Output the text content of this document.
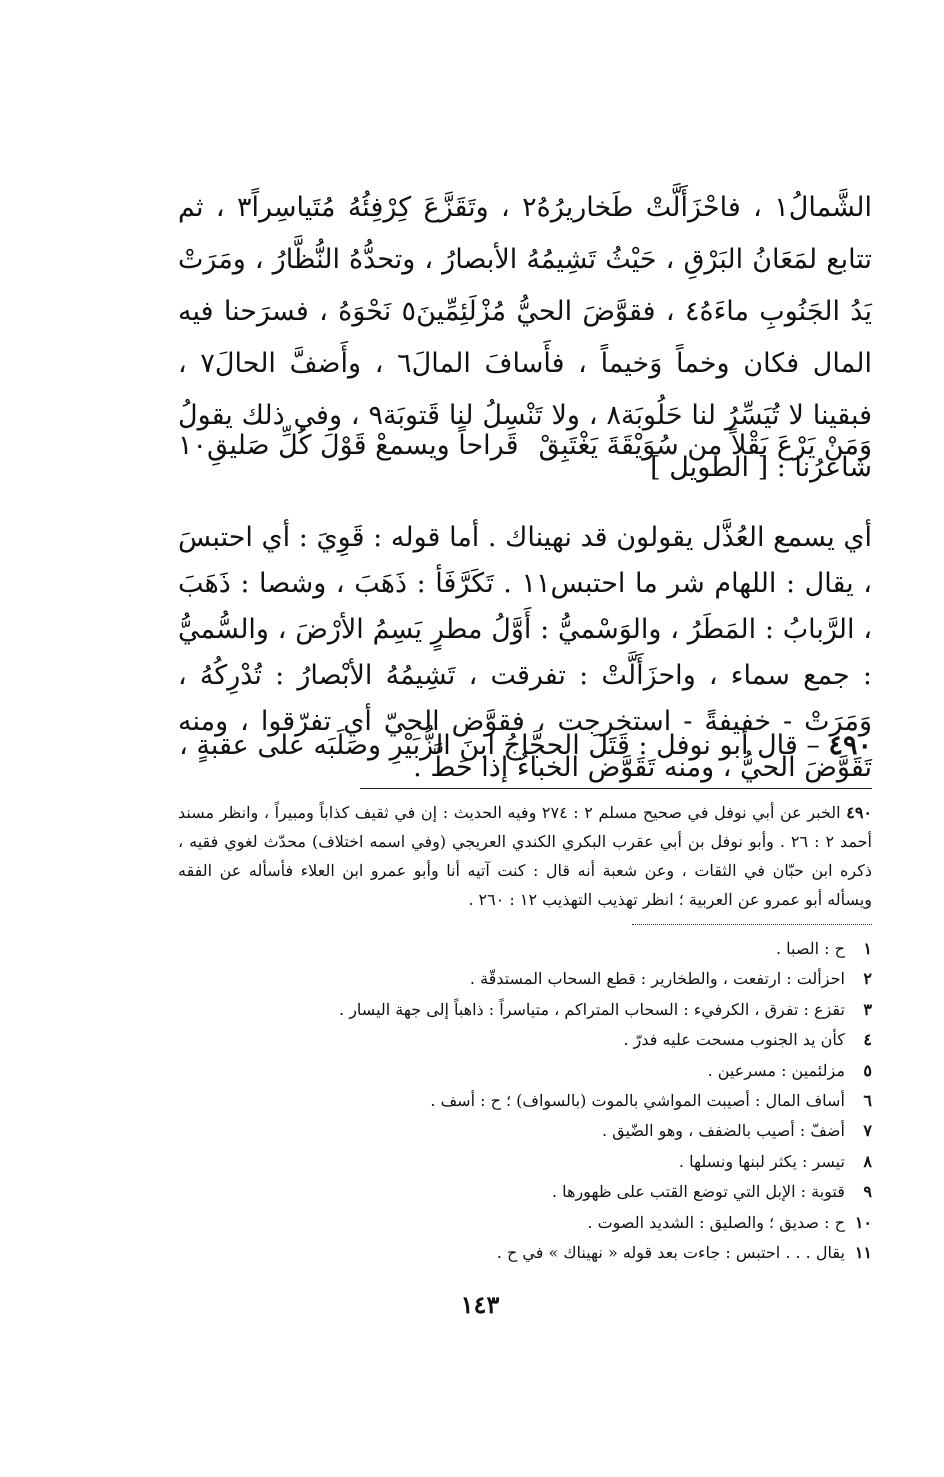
الشَّمالُ١ ، فاحْزَأَلَّتْ طَخاريرُهُ٢ ، وتَقَزَّعَ كِرْفِئُهُ مُتَياسِراً٣ ، ثم تتابع لمَعَانُ البَرْقِ ، حَيْثُ تَشِيمُهُ الأبصارُ ، وتحدُّهُ النُّظَّارُ ، ومَرَتْ يَدُ الجَنُوبِ ماءَهُ٤ ، فقوَّضَ الحيُّ مُزْلَئِمِّينَ٥ نَحْوَهُ ، فسرَحنا فيه المال فكان وخماً وَخيماً ، فأَسافَ المالَ٦ ، وأَضفَّ الحالَ٧ ، فبقينا لا تُيَسِّرُ لنا حَلُوبَة٨ ، ولا تَنْسِلُ لنا قَتوبَة٩ ، وفي ذلك يقولُ شاعرُنا : [ الطويل ]

وَمَنْ يَرْعَ بَقْلاً من سُوَيْقَةَ يَغْتَبِقْ
قَراحاً ويسمعْ قَوْلَ كُلِّ صَليقِ١٠

أي يسمع العُذَّل يقولون قد نهيناك . أما قوله : قَوِيَ : أي احتبسَ ، يقال : اللهام شر ما احتبس١١ . تَكَرَّفَأ : ذَهَبَ ، وشصا : ذَهَبَ ، الرَّبابُ : المَطَرُ ، والوَسْميُّ : أَوَّلُ مطرٍ يَسِمُ الأرْضَ ، والسُّميُّ : جمع سماء ، واحزَأَلَّتْ : تفرقت ، تَشِيمُهُ الأبْصارُ : تُدْرِكُهُ ، وَمَرَتْ - خفيفةً - استخرجت ، فقوَّض الحيّ أي تفرّقوا ، ومنه تَقَوَّضَ الحيُّ ، ومنه تَقَوَّض الخباءُ إذا حَطَّ .

٤٩٠ – قال أبو نوفل : قَتَلَ الحجَّاجُ ابنَ الزُّبَيْرِ وصَلَبَه على عقبةٍ ،
٤٩٠ الخبر عن أبي نوفل في صحيح مسلم ٢ : ٢٧٤ وفيه الحديث : إن في ثقيف كذاباً ومبيراً ، وانظر مسند أحمد ٢ : ٢٦ . وأبو نوفل بن أبي عقرب البكري الكندي العريجي (وفي اسمه اختلاف) محدّث لغوي فقيه ، ذكره ابن حبّان في الثقات ، وعن شعبة أنه قال : كنت آتيه أنا وأبو عمرو ابن العلاء فأسأله عن الفقه ويسأله أبو عمرو عن العربية ؛ انظر تهذيب التهذيب ١٢ : ٢٦٠ .
١ ح : الصبا .
٢ احزألت : ارتفعت ، والطخارير : قطع السحاب المستدقّة .
٣ تقزع : تفرق ، الكرفيء : السحاب المتراكم ، متياسراً : ذاهباً إلى جهة اليسار .
٤ كأن يد الجنوب مسحت عليه فدرّ .
٥ مزلئمين : مسرعين .
٦ أساف المال : أصيبت المواشي بالموت (بالسواف) ؛ ح : أسف .
٧ أضفّ : أصيب بالضفف ، وهو الضّيق .
٨ تيسر : يكثر لبنها ونسلها .
٩ قتوبة : الإبل التي توضع القتب على ظهورها .
١٠ ح : صديق ؛ والصليق : الشديد الصوت .
١١ يقال . . . احتبس : جاءت بعد قوله « نهيناك » في ح .
١٤٣
